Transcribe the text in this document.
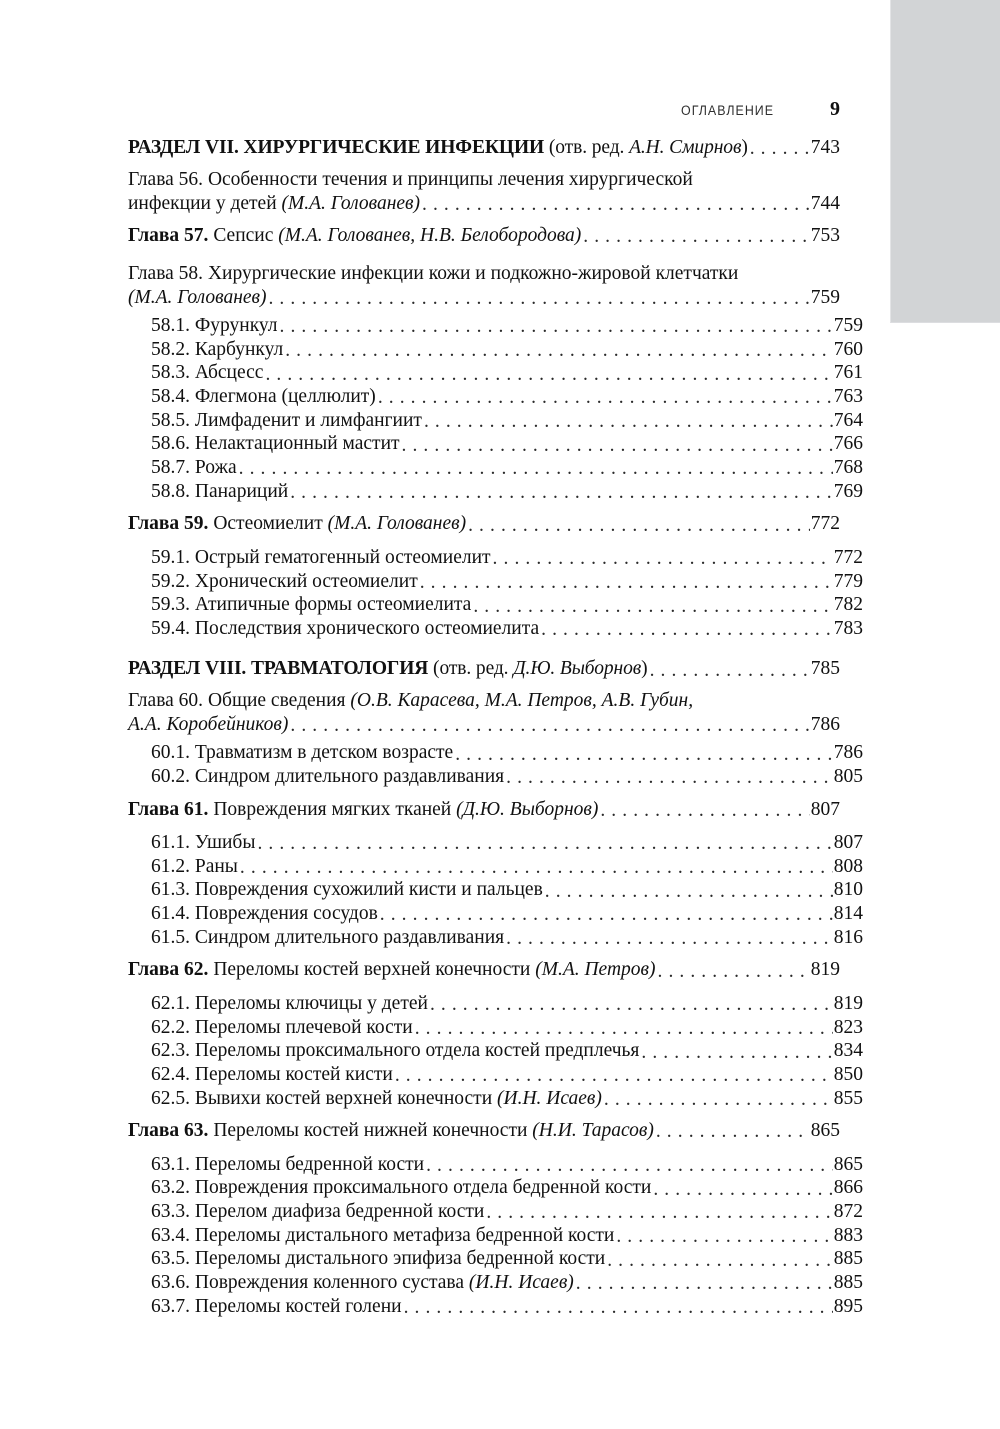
ОГЛАВЛЕНИЕ	9
РАЗДЕЛ VII. ХИРУРГИЧЕСКИЕ ИНФЕКЦИИ (отв. ред. А.Н. Смирнов) . . .	743
Глава 56. Особенности течения и принципы лечения хирургической
инфекции у детей (М.А. Голованев) . . .	744
Глава 57. Сепсис (М.А. Голованев, Н.В. Белобородова) . . .	753
Глава 58. Хирургические инфекции кожи и подкожно-жировой клетчатки
(М.А. Голованев) . . .	759
58.1. Фурункул . . .	759
58.2. Карбункул . . .	760
58.3. Абсцесс . . .	761
58.4. Флегмона (целлюлит) . . .	763
58.5. Лимфаденит и лимфангиит . . .	764
58.6. Нелактационный мастит . . .	766
58.7. Рожа . . .	768
58.8. Панариций . . .	769
Глава 59. Остеомиелит (М.А. Голованев) . . .	772
59.1. Острый гематогенный остеомиелит . . .	772
59.2. Хронический остеомиелит . . .	779
59.3. Атипичные формы остеомиелита . . .	782
59.4. Последствия хронического остеомиелита . . .	783
РАЗДЕЛ VIII. ТРАВМАТОЛОГИЯ (отв. ред. Д.Ю. Выборнов) . . .	785
Глава 60. Общие сведения (О.В. Карасева, М.А. Петров, А.В. Губин,
А.А. Коробейников) . . .	786
60.1. Травматизм в детском возрасте . . .	786
60.2. Синдром длительного раздавливания . . .	805
Глава 61. Повреждения мягких тканей (Д.Ю. Выборнов) . . .	807
61.1. Ушибы . . .	807
61.2. Раны . . .	808
61.3. Повреждения сухожилий кисти и пальцев . . .	810
61.4. Повреждения сосудов . . .	814
61.5. Синдром длительного раздавливания . . .	816
Глава 62. Переломы костей верхней конечности (М.А. Петров) . . .	819
62.1. Переломы ключицы у детей . . .	819
62.2. Переломы плечевой кости . . .	823
62.3. Переломы проксимального отдела костей предплечья . . .	834
62.4. Переломы костей кисти . . .	850
62.5. Вывихи костей верхней конечности (И.Н. Исаев) . . .	855
Глава 63. Переломы костей нижней конечности (Н.И. Тарасов) . . .	865
63.1. Переломы бедренной кости . . .	865
63.2. Повреждения проксимального отдела бедренной кости . . .	866
63.3. Перелом диафиза бедренной кости . . .	872
63.4. Переломы дистального метафиза бедренной кости . . .	883
63.5. Переломы дистального эпифиза бедренной кости . . .	885
63.6. Повреждения коленного сустава (И.Н. Исаев) . . .	885
63.7. Переломы костей голени . . .	895
